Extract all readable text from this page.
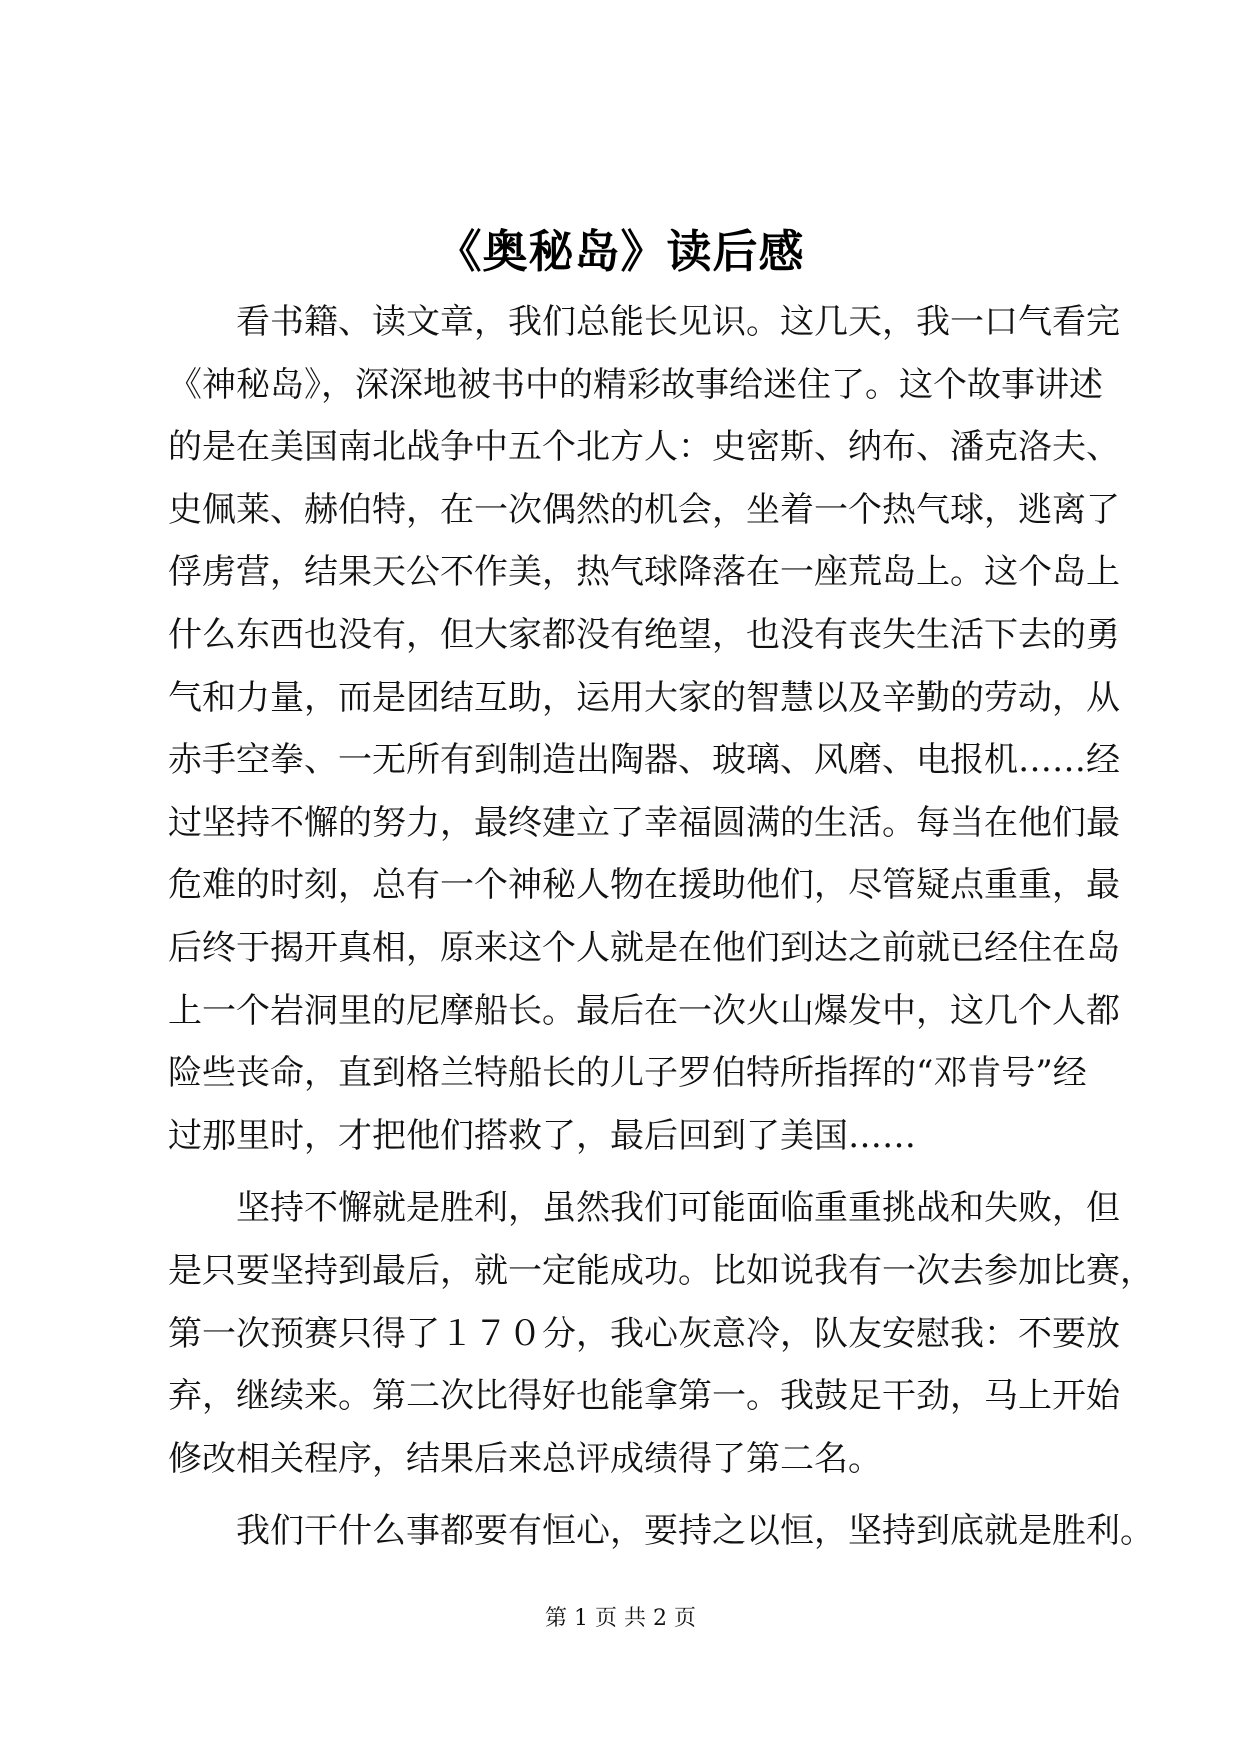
《奥秘岛》读后感
看书籍、读文章，我们总能长见识。这几天，我一口气看完
《神秘岛》，深深地被书中的精彩故事给迷住了。这个故事讲述
的是在美国南北战争中五个北方人：史密斯、纳布、潘克洛夫、
史佩莱、赫伯特，在一次偶然的机会，坐着一个热气球，逃离了
俘虏营，结果天公不作美，热气球降落在一座荒岛上。这个岛上
什么东西也没有，但大家都没有绝望，也没有丧失生活下去的勇
气和力量，而是团结互助，运用大家的智慧以及辛勤的劳动，从
赤手空拳、一无所有到制造出陶器、玻璃、风磨、电报机……经
过坚持不懈的努力，最终建立了幸福圆满的生活。每当在他们最
危难的时刻，总有一个神秘人物在援助他们，尽管疑点重重，最
后终于揭开真相，原来这个人就是在他们到达之前就已经住在岛
上一个岩洞里的尼摩船长。最后在一次火山爆发中，这几个人都
险些丧命，直到格兰特船长的儿子罗伯特所指挥的“邓肯号”经
过那里时，才把他们搭救了，最后回到了美国……
坚持不懈就是胜利，虽然我们可能面临重重挑战和失败，但
是只要坚持到最后，就一定能成功。比如说我有一次去参加比赛，
第一次预赛只得了１７０分，我心灰意冷，队友安慰我：不要放
弃，继续来。第二次比得好也能拿第一。我鼓足干劲，马上开始
修改相关程序，结果后来总评成绩得了第二名。
我们干什么事都要有恒心，要持之以恒，坚持到底就是胜利。
第 1 页 共 2 页
